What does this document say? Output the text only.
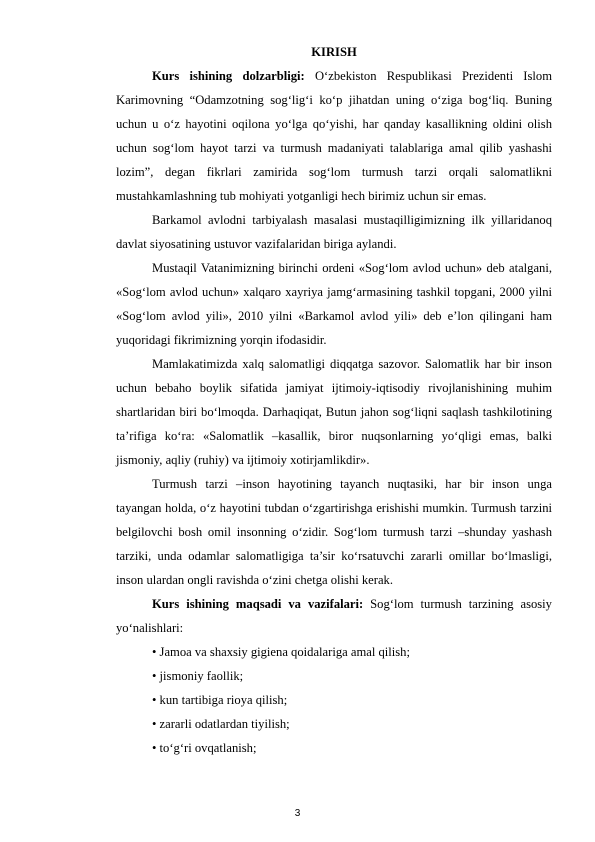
KIRISH

Kurs ishining dolzarbligi: O‘zbekiston Respublikasi Prezidenti Islom Karimovning “Odamzotning sog‘lig‘i ko‘p jihatdan uning o‘ziga bog‘liq. Buning uchun u o‘z hayotini oqilona yo‘lga qo‘yishi, har qanday kasallikning oldini olish uchun sog‘lom hayot tarzi va turmush madaniyati talablariga amal qilib yashashi lozim”, degan fikrlari zamirida sog‘lom turmush tarzi orqali salomatlikni mustahkamlashning tub mohiyati yotganligi hech birimiz uchun sir emas.

Barkamol avlodni tarbiyalash masalasi mustaqilligimizning ilk yillaridanoq davlat siyosatining ustuvor vazifalaridan biriga aylandi.

Mustaqil Vatanimizning birinchi ordeni «Sog‘lom avlod uchun» deb atalgani, «Sog‘lom avlod uchun» xalqaro xayriya jamg‘armasining tashkil topgani, 2000 yilni «Sog‘lom avlod yili», 2010 yilni «Barkamol avlod yili» deb e’lon qilingani ham yuqoridagi fikrimizning yorqin ifodasidir.

Mamlakatimizda xalq salomatligi diqqatga sazovor. Salomatlik har bir inson uchun bebaho boylik sifatida jamiyat ijtimoiy-iqtisodiy rivojlanishining muhim shartlaridan biri bo‘lmoqda. Darhaqiqat, Butun jahon sog‘liqni saqlash tashkilotining ta’rifiga ko‘ra: «Salomatlik –kasallik, biror nuqsonlarning yo‘qligi emas, balki jismoniy, aqliy (ruhiy) va ijtimoiy xotirjamlikdir».

Turmush tarzi –inson hayotining tayanch nuqtasiki, har bir inson unga tayangan holda, o‘z hayotini tubdan o‘zgartirishga erishishi mumkin. Turmush tarzini belgilovchi bosh omil insonning o‘zidir. Sog‘lom turmush tarzi –shunday yashash tarziki, unda odamlar salomatligiga ta’sir ko‘rsatuvchi zararli omillar bo‘lmasligi, inson ulardan ongli ravishda o‘zini chetga olishi kerak.

Kurs ishining maqsadi va vazifalari: Sog‘lom turmush tarzining asosiy yo‘nalishlari:

• Jamoa va shaxsiy gigiena qoidalariga amal qilish;
• jismoniy faollik;
• kun tartibiga rioya qilish;
• zararli odatlardan tiyilish;
• to‘g‘ri ovqatlanish;
3
